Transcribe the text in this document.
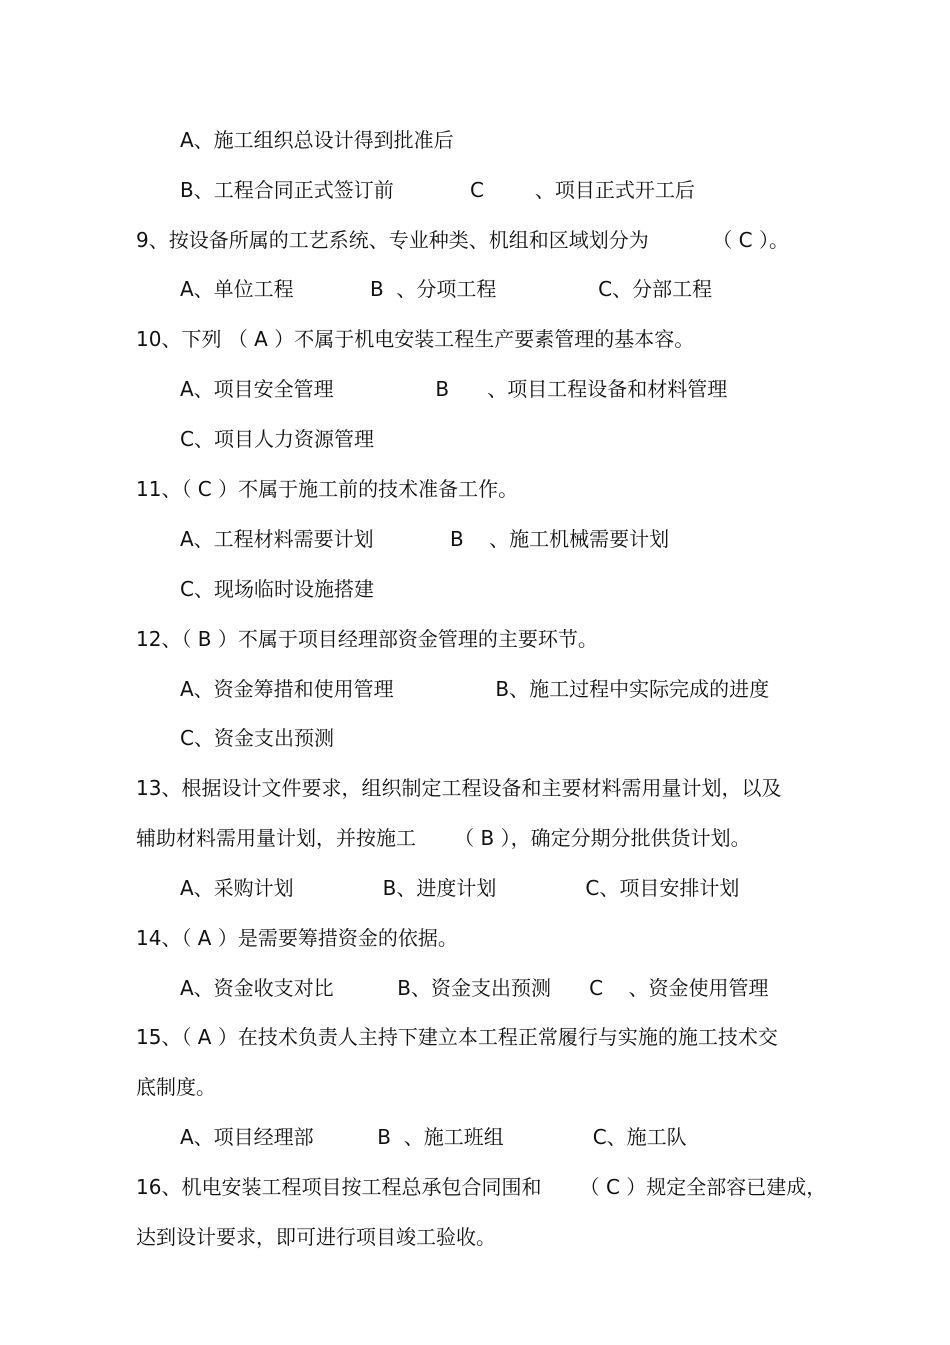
A、施工组织总设计得到批准后
B、工程合同正式签订前            C        、项目正式开工后
9、按设备所属的工艺系统、专业种类、机组和区域划分为          （ C ）。
A、单位工程            B  、分项工程                C、分部工程
10、下列 （ A ）不属于机电安装工程生产要素管理的基本容。
A、项目安全管理                B      、项目工程设备和材料管理
C、项目人力资源管理
11、（ C ）不属于施工前的技术准备工作。
A、工程材料需要计划            B    、施工机械需要计划
C、现场临时设施搭建
12、（ B ）不属于项目经理部资金管理的主要环节。
A、资金筹措和使用管理                B、施工过程中实际完成的进度
C、资金支出预测
13、根据设计文件要求，组织制定工程设备和主要材料需用量计划，以及
辅助材料需用量计划，并按施工      （ B ），确定分期分批供货计划。
A、采购计划              B、进度计划              C、项目安排计划
14、（ A ）是需要筹措资金的依据。
A、资金收支对比          B、资金支出预测      C    、资金使用管理
15、（ A ）在技术负责人主持下建立本工程正常履行与实施的施工技术交
底制度。
A、项目经理部          B  、施工班组              C、施工队
16、机电安装工程项目按工程总承包合同围和      （ C ）规定全部容已建成，
达到设计要求，即可进行项目竣工验收。
